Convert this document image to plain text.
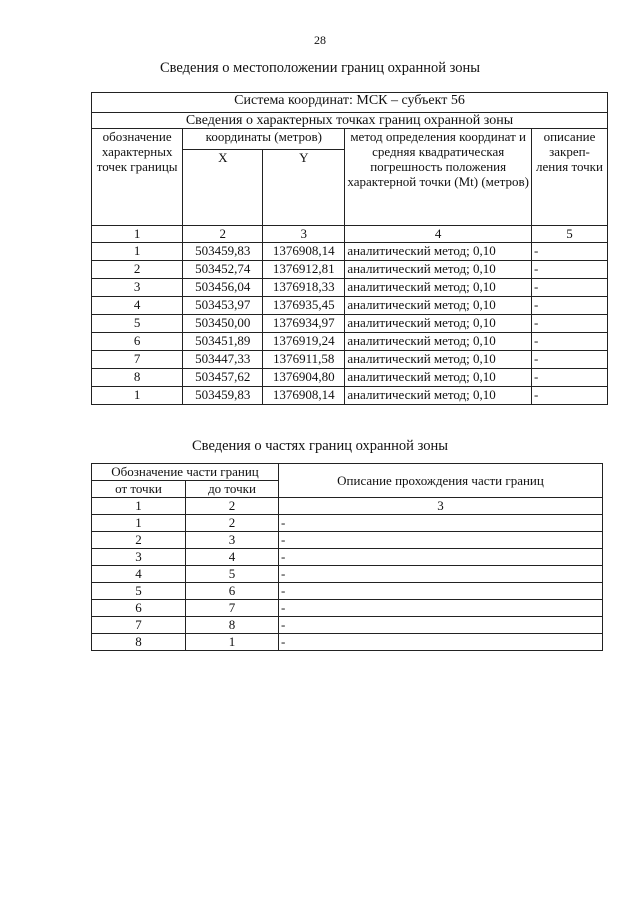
28
Сведения о местоположении границ охранной зоны
Система координат: МСК – субъект 56				
Сведения о характерных точках границ охранной зоны				
обозначение характерных точек границы	координаты (метров)		метод определения координат и средняя квадратическая погрешность положения характерной точки (Mt) (метров)	описание закреп-ления точки
	X	Y		
1	2	3	4	5
1	503459,83	1376908,14	аналитический метод; 0,10	-
2	503452,74	1376912,81	аналитический метод; 0,10	-
3	503456,04	1376918,33	аналитический метод; 0,10	-
4	503453,97	1376935,45	аналитический метод; 0,10	-
5	503450,00	1376934,97	аналитический метод; 0,10	-
6	503451,89	1376919,24	аналитический метод; 0,10	-
7	503447,33	1376911,58	аналитический метод; 0,10	-
8	503457,62	1376904,80	аналитический метод; 0,10	-
1	503459,83	1376908,14	аналитический метод; 0,10	-
Сведения о частях границ охранной зоны
Обозначение части границ		Описание прохождения части границ
от точки	до точки	
1	2	3
1	2	-
2	3	-
3	4	-
4	5	-
5	6	-
6	7	-
7	8	-
8	1	-
